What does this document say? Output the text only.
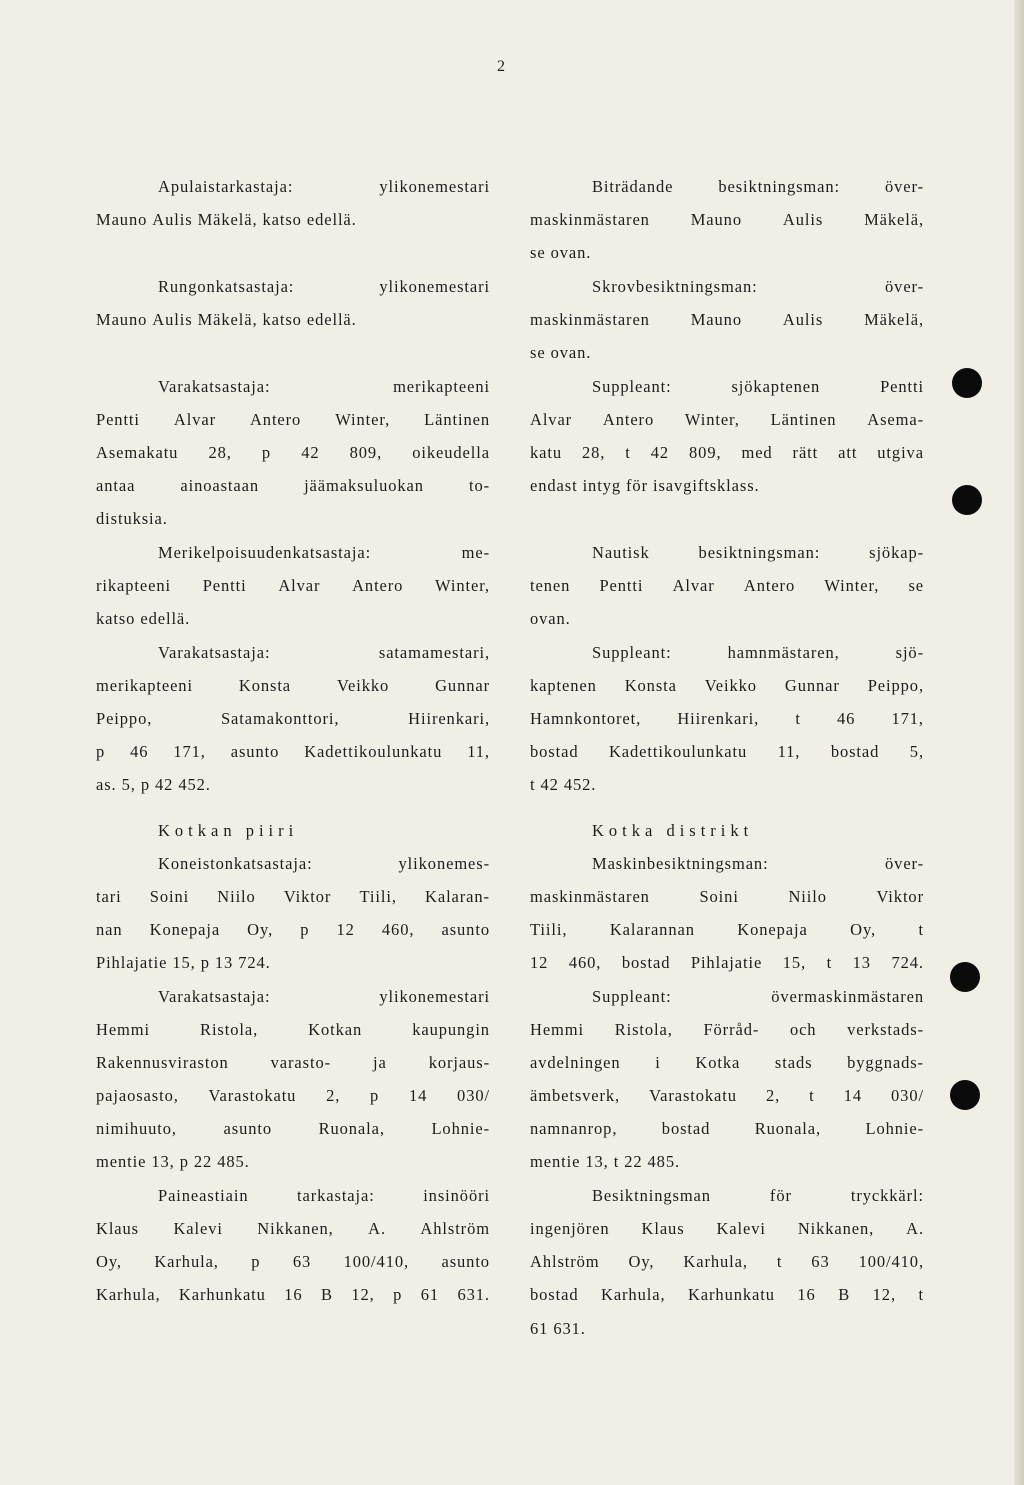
2
Apulaistarkastaja:	ylikonemestari
Mauno Aulis Mäkelä, katso edellä.
Rungonkatsastaja:	ylikonemestari
Mauno Aulis Mäkelä, katso edellä.
Varakatsastaja:	merikapteeni
Pentti Alvar Antero Winter, Läntinen
Asemakatu 28, p 42 809, oikeudella
antaa	ainoastaan	jäämaksuluokan	to-
distuksia.
Merikelpoisuudenkatsastaja:	me-
rikapteeni Pentti Alvar Antero Winter,
katso edellä.
Varakatsastaja:	satamamestari,
merikapteeni	Konsta	Veikko	Gunnar
Peippo,	Satamakonttori,	Hiirenkari,
p 46 171, asunto Kadettikoulunkatu 11,
as. 5, p 42 452.
Kotkan piiri
Koneistonkatsastaja:	ylikonemes-
tari Soini Niilo Viktor Tiili, Kalaran-
nan Konepaja Oy, p 12 460, asunto
Pihlajatie 15, p 13 724.
Varakatsastaja:	ylikonemestari
Hemmi	Ristola,	Kotkan	kaupungin
Rakennusviraston	varasto-	ja	korjaus-
pajaosasto, Varastokatu 2, p 14 030/
nimihuuto,	asunto	Ruonala,	Lohnie-
mentie 13, p 22 485.
Paineastiain	tarkastaja:	insinööri
Klaus Kalevi Nikkanen, A. Ahlström
Oy, Karhula, p 63 100/410, asunto
Karhula, Karhunkatu 16 B 12, p 61 631.
Biträdande	besiktningsman:	över-
maskinmästaren Mauno Aulis Mäkelä,
se ovan.
Skrovbesiktningsman:	över-
maskinmästaren Mauno Aulis Mäkelä,
se ovan.
Suppleant:	sjökaptenen	Pentti
Alvar Antero Winter, Läntinen Asema-
katu 28, t 42 809, med rätt att utgiva
endast intyg för isavgiftsklass.
Nautisk	besiktningsman:	sjökap-
tenen Pentti Alvar Antero Winter, se
ovan.
Suppleant:	hamnmästaren,	sjö-
kaptenen Konsta Veikko Gunnar Peippo,
Hamnkontoret, Hiirenkari, t 46 171,
bostad Kadettikoulunkatu 11, bostad 5,
t 42 452.
Kotka distrikt
Maskinbesiktningsman:	över-
maskinmästaren	Soini	Niilo	Viktor
Tiili,	Kalarannan	Konepaja	Oy,	t
12 460, bostad Pihlajatie 15, t 13 724.
Suppleant:	övermaskinmästaren
Hemmi Ristola, Förråd- och verkstads-
avdelningen i Kotka stads byggnads-
ämbetsverk, Varastokatu 2, t 14 030/
namnanrop,	bostad	Ruonala,	Lohnie-
mentie 13, t 22 485.
Besiktningsman	för	tryckkärl:
ingenjören Klaus Kalevi Nikkanen, A.
Ahlström Oy, Karhula, t 63 100/410,
bostad Karhula, Karhunkatu 16 B 12, t
61 631.
